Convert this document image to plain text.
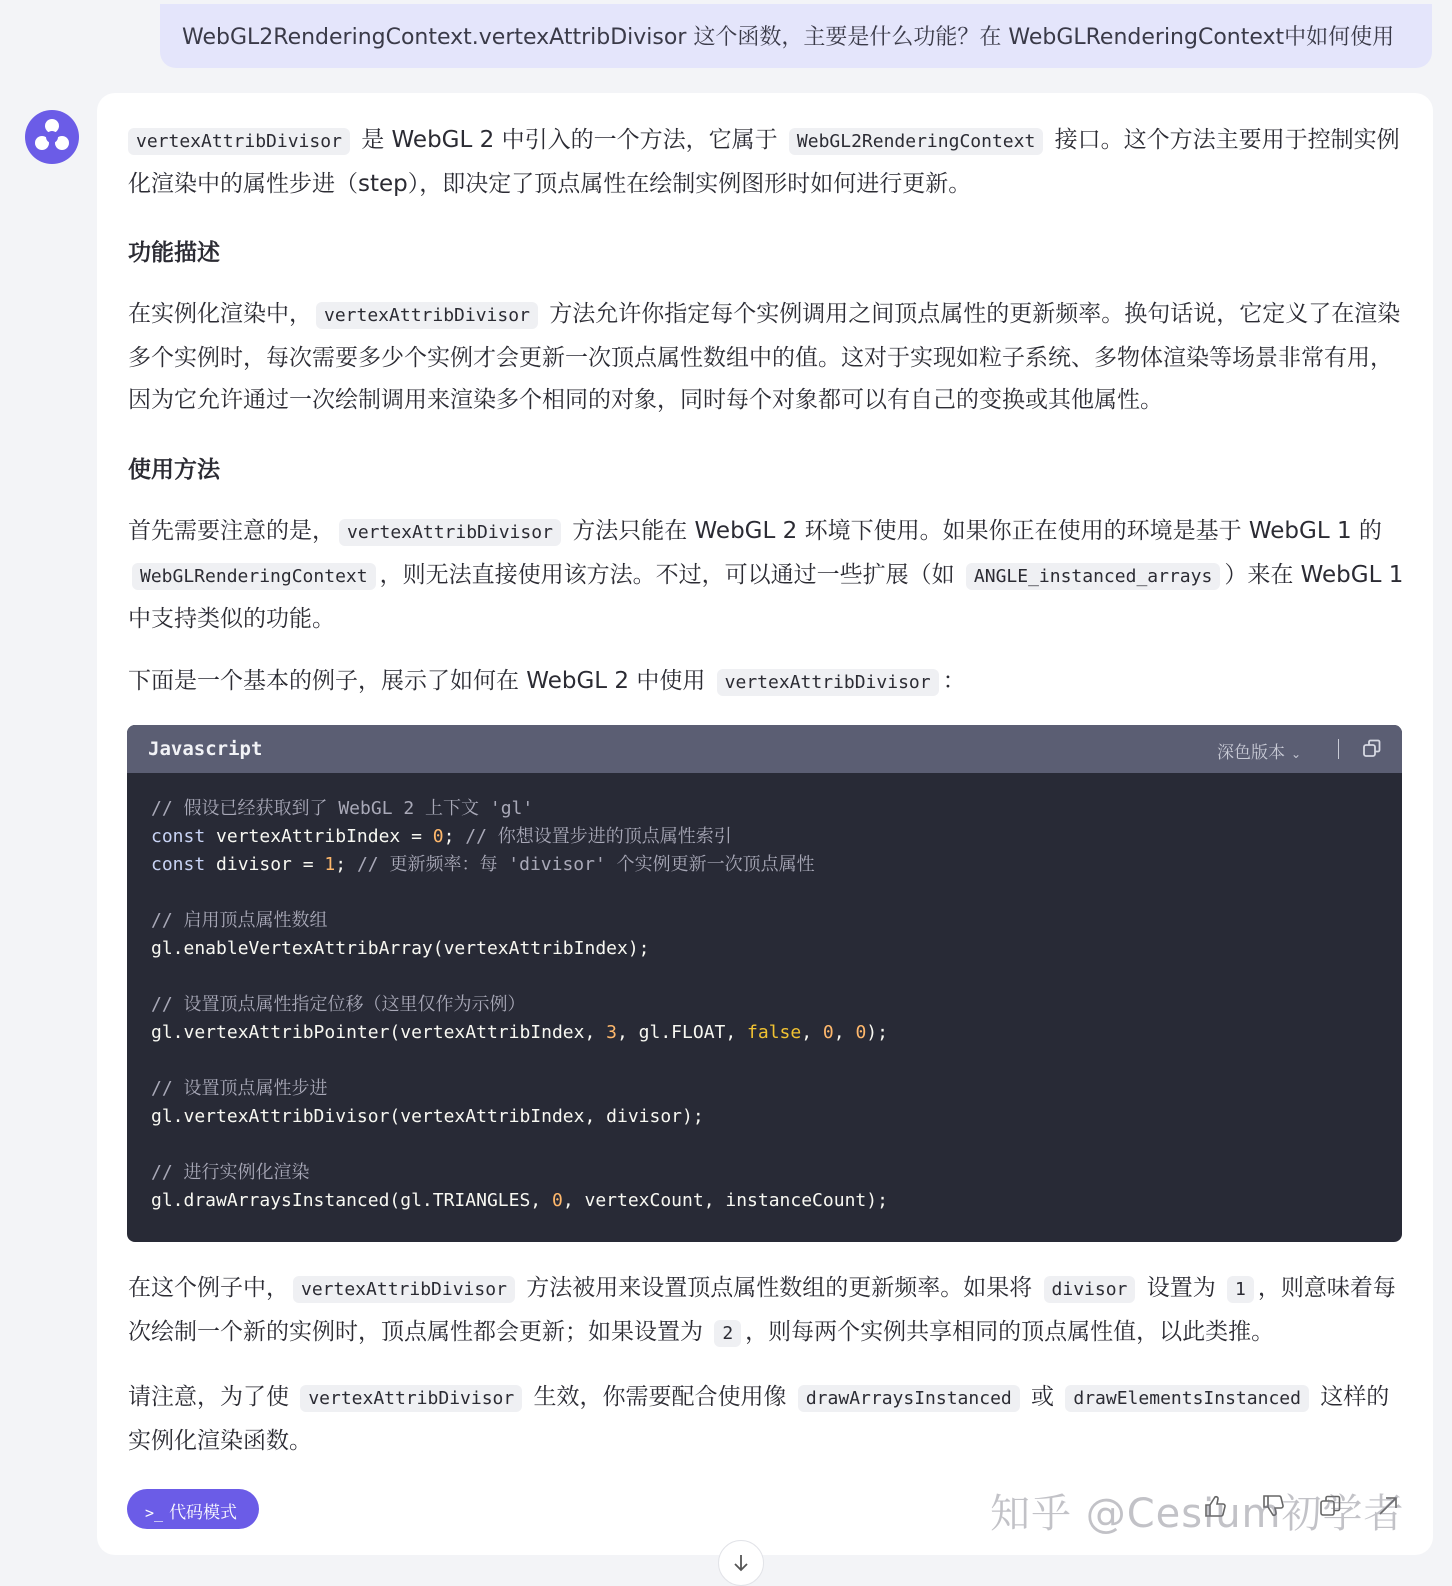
WebGL2RenderingContext.vertexAttribDivisor 这个函数，主要是什么功能？在 WebGLRenderingContext中如何使用
vertexAttribDivisor 是 WebGL 2 中引入的一个方法，它属于 WebGL2RenderingContext 接口。这个方法主要用于控制实例化渲染中的属性步进（step），即决定了顶点属性在绘制实例图形时如何进行更新。
功能描述
在实例化渲染中， vertexAttribDivisor 方法允许你指定每个实例调用之间顶点属性的更新频率。换句话说，它定义了在渲染多个实例时，每次需要多少个实例才会更新一次顶点属性数组中的值。这对于实现如粒子系统、多物体渲染等场景非常有用，因为它允许通过一次绘制调用来渲染多个相同的对象，同时每个对象都可以有自己的变换或其他属性。
使用方法
首先需要注意的是， vertexAttribDivisor 方法只能在 WebGL 2 环境下使用。如果你正在使用的环境是基于 WebGL 1 的 WebGLRenderingContext ，则无法直接使用该方法。不过，可以通过一些扩展（如 ANGLE_instanced_arrays ）来在 WebGL 1 中支持类似的功能。
下面是一个基本的例子，展示了如何在 WebGL 2 中使用 vertexAttribDivisor ：
Javascript	深色版本 ⌄
// 假设已经获取到了 WebGL 2 上下文 'gl'
const vertexAttribIndex = 0; // 你想设置步进的顶点属性索引
const divisor = 1; // 更新频率：每 'divisor' 个实例更新一次顶点属性
// 启用顶点属性数组
gl.enableVertexAttribArray(vertexAttribIndex);
// 设置顶点属性指定位移（这里仅作为示例）
gl.vertexAttribPointer(vertexAttribIndex, 3, gl.FLOAT, false, 0, 0);
// 设置顶点属性步进
gl.vertexAttribDivisor(vertexAttribIndex, divisor);
// 进行实例化渲染
gl.drawArraysInstanced(gl.TRIANGLES, 0, vertexCount, instanceCount);
在这个例子中， vertexAttribDivisor 方法被用来设置顶点属性数组的更新频率。如果将 divisor 设置为 1 ，则意味着每次绘制一个新的实例时，顶点属性都会更新；如果设置为 2 ，则每两个实例共享相同的顶点属性值，以此类推。
请注意，为了使 vertexAttribDivisor 生效，你需要配合使用像 drawArraysInstanced 或 drawElementsInstanced 这样的实例化渲染函数。
>_ 代码模式	知乎 @Cesium初学者
